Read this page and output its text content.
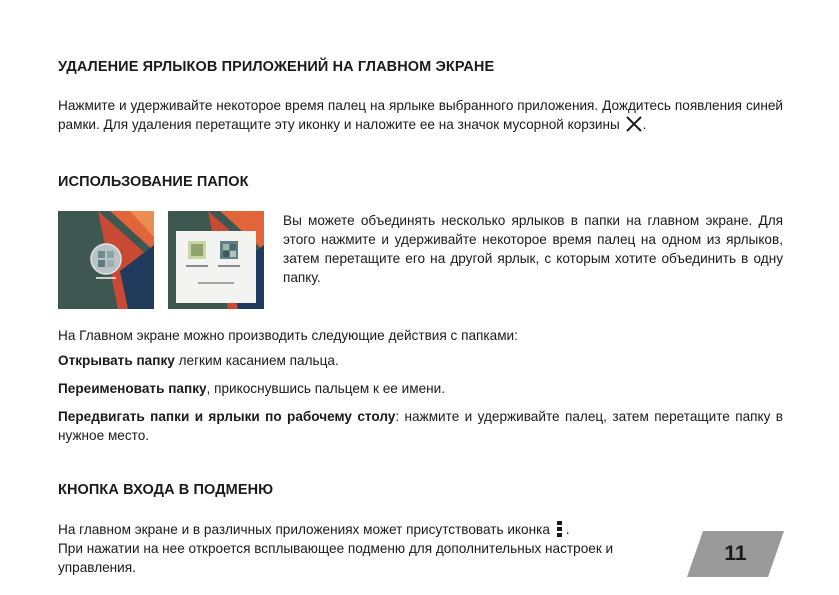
УДАЛЕНИЕ ЯРЛЫКОВ ПРИЛОЖЕНИЙ НА ГЛАВНОМ ЭКРАНЕ

Нажмите и удерживайте некоторое время палец на ярлыке выбранного приложения. Дождитесь появления синей рамки. Для удаления перетащите эту иконку и наложите ее на значок мусорной корзины .

ИСПОЛЬЗОВАНИЕ ПАПОК

Вы можете объединять несколько ярлыков в папки на главном экране. Для этого нажмите и удерживайте некоторое время палец на одном из ярлыков, затем перетащите его на другой ярлык, с которым хотите объединить в одну папку.

На Главном экране можно производить следующие действия с папками:

Открывать папку легким касанием пальца.

Переименовать папку, прикоснувшись пальцем к ее имени.

Передвигать папки и ярлыки по рабочему столу: нажмите и удерживайте палец, затем перетащите папку в нужное место.

КНОПКА ВХОДА В ПОДМЕНЮ

На главном экране и в различных приложениях может присутствовать иконка .
При нажатии на нее откроется всплывающее подменю для дополнительных настроек и управления.

11
